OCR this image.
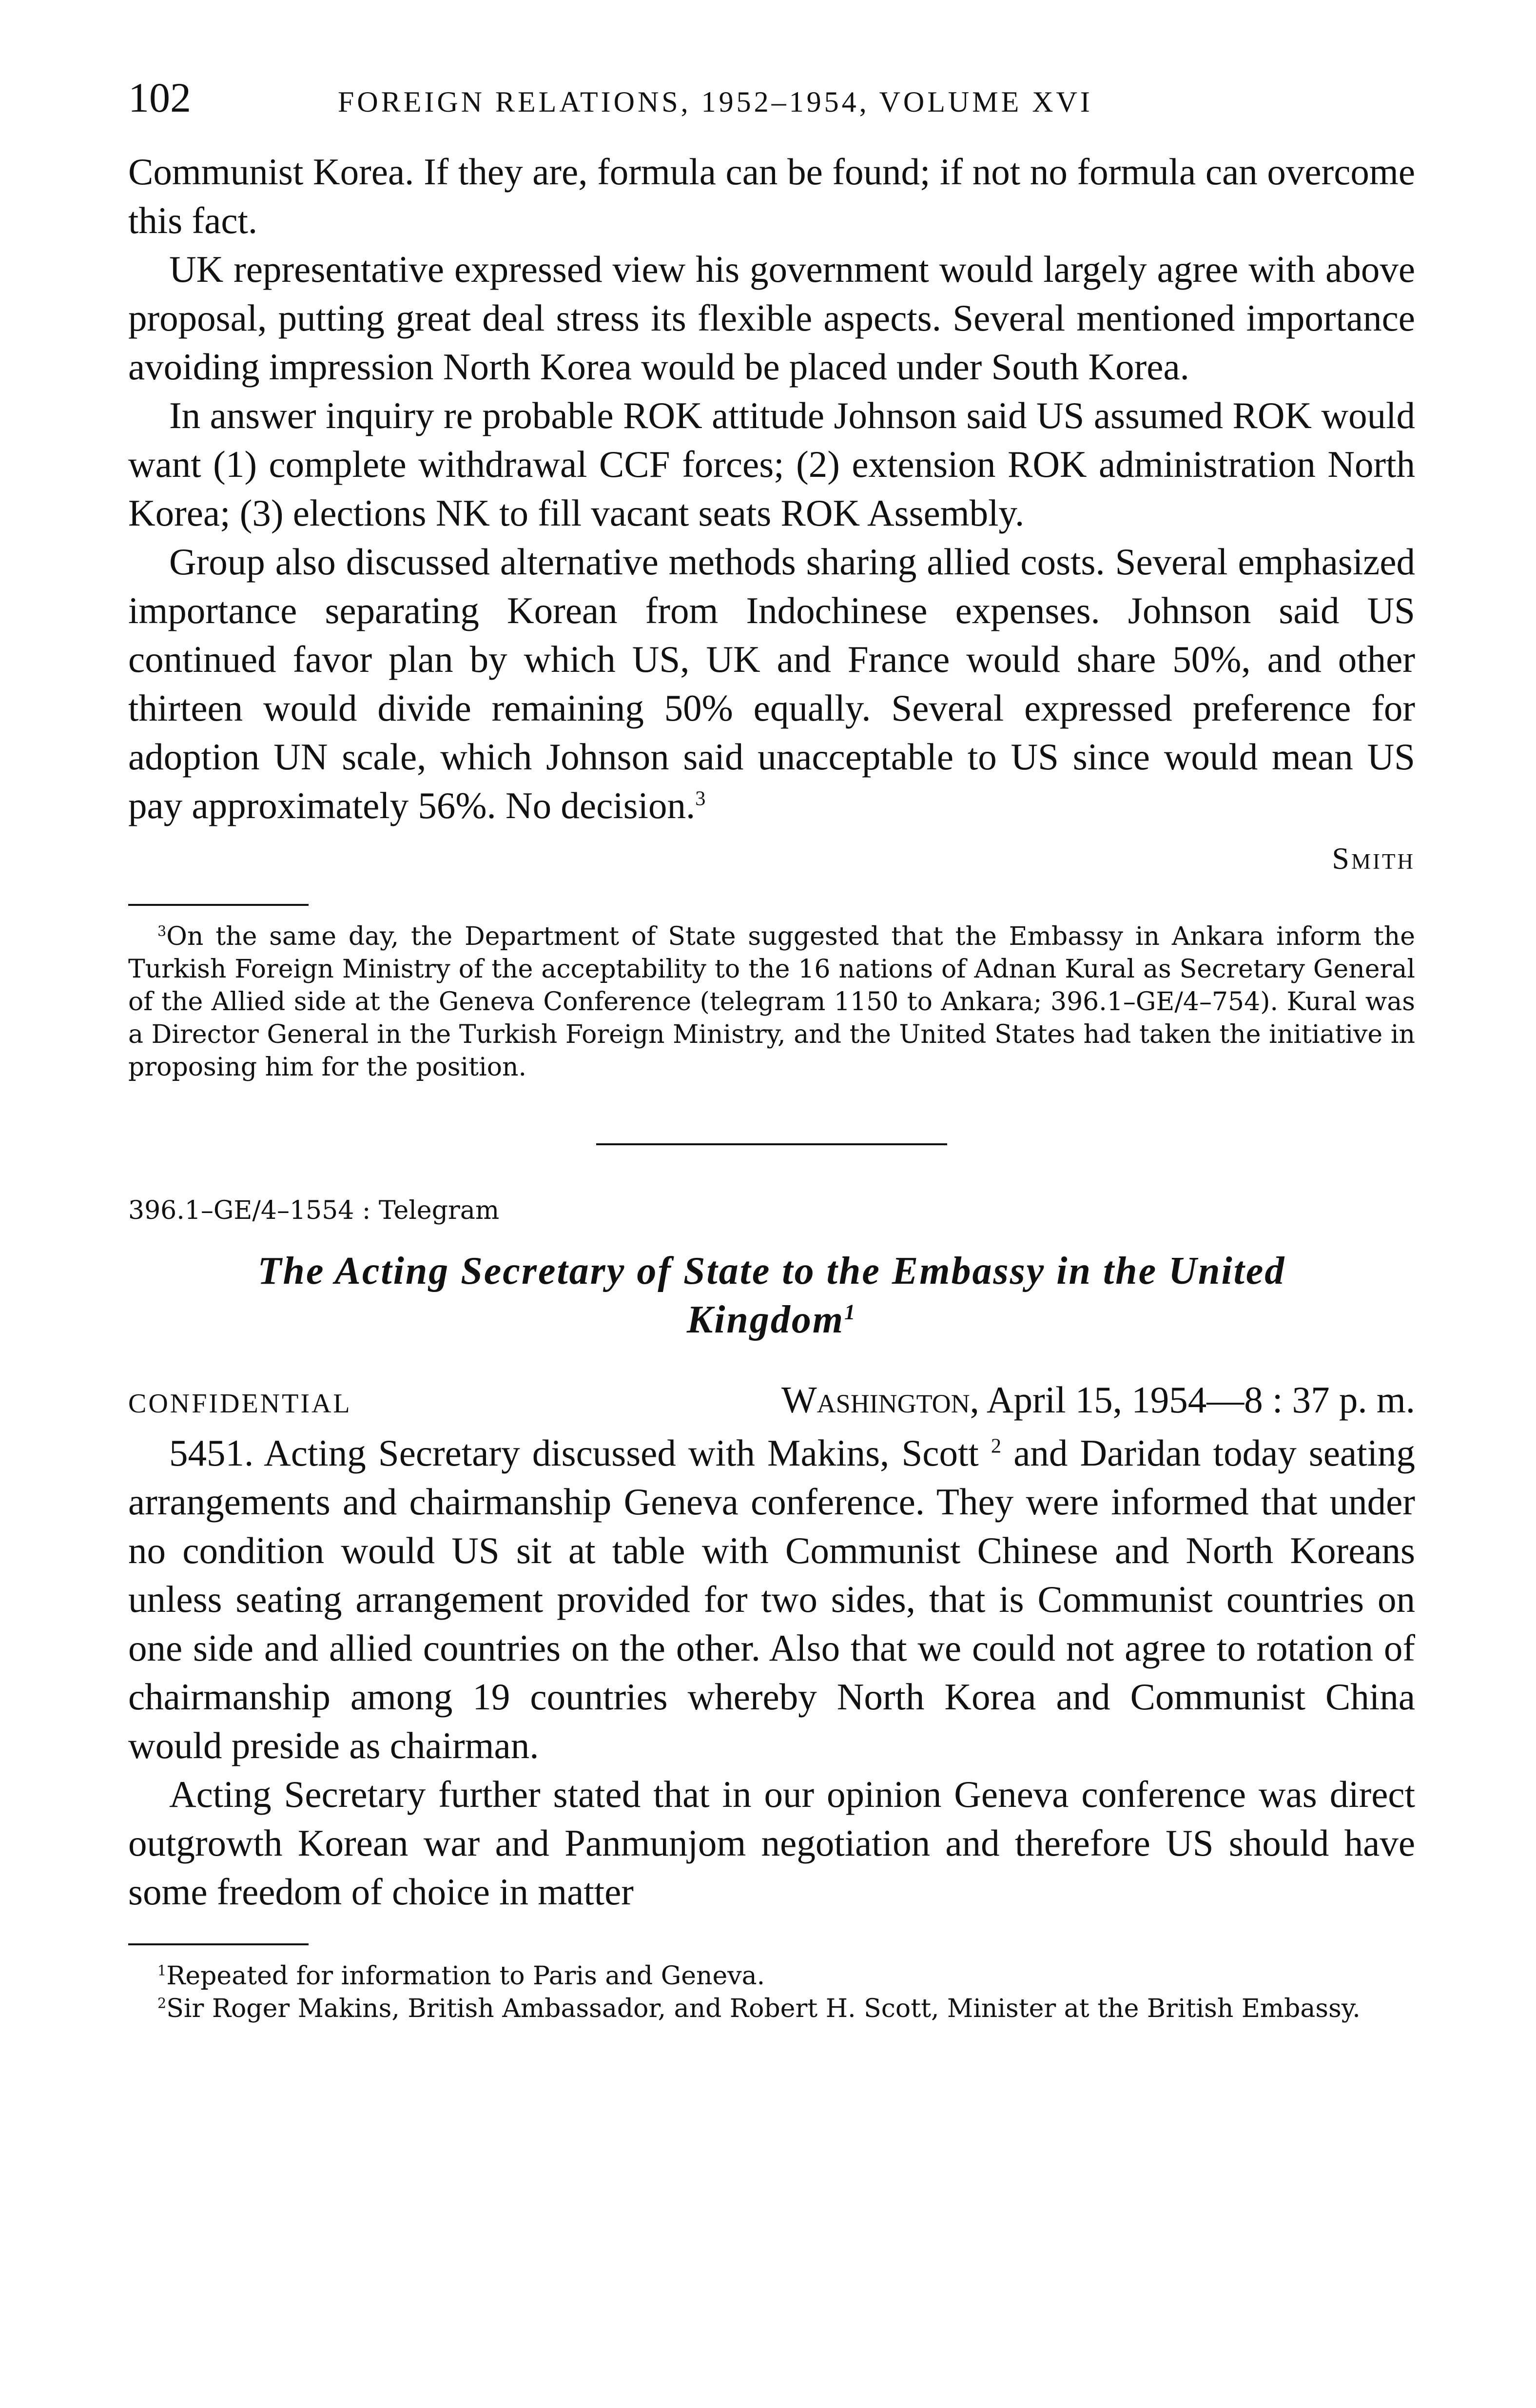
102	FOREIGN RELATIONS, 1952–1954, VOLUME XVI

Communist Korea. If they are, formula can be found; if not no formula can overcome this fact.

UK representative expressed view his government would largely agree with above proposal, putting great deal stress its flexible aspects. Several mentioned importance avoiding impression North Korea would be placed under South Korea.

In answer inquiry re probable ROK attitude Johnson said US assumed ROK would want (1) complete withdrawal CCF forces; (2) extension ROK administration North Korea; (3) elections NK to fill vacant seats ROK Assembly.

Group also discussed alternative methods sharing allied costs. Several emphasized importance separating Korean from Indochinese expenses. Johnson said US continued favor plan by which US, UK and France would share 50%, and other thirteen would divide remaining 50% equally. Several expressed preference for adoption UN scale, which Johnson said unacceptable to US since would mean US pay approximately 56%. No decision.$^3$

Smith

$^3$On the same day, the Department of State suggested that the Embassy in Ankara inform the Turkish Foreign Ministry of the acceptability to the 16 nations of Adnan Kural as Secretary General of the Allied side at the Geneva Conference (telegram 1150 to Ankara; 396.1–GE/4–754). Kural was a Director General in the Turkish Foreign Ministry, and the United States had taken the initiative in proposing him for the position.

396.1–GE/4–1554 : Telegram

The Acting Secretary of State to the Embassy in the United Kingdom$^1$
CONFIDENTIAL	Washington, April 15, 1954—8 : 37 p. m.

5451. Acting Secretary discussed with Makins, Scott $^2$ and Daridan today seating arrangements and chairmanship Geneva conference. They were informed that under no condition would US sit at table with Communist Chinese and North Koreans unless seating arrangement provided for two sides, that is Communist countries on one side and allied countries on the other. Also that we could not agree to rotation of chairmanship among 19 countries whereby North Korea and Communist China would preside as chairman.

Acting Secretary further stated that in our opinion Geneva conference was direct outgrowth Korean war and Panmunjom negotiation and therefore US should have some freedom of choice in matter

$^1$Repeated for information to Paris and Geneva.

$^2$Sir Roger Makins, British Ambassador, and Robert H. Scott, Minister at the British Embassy.
